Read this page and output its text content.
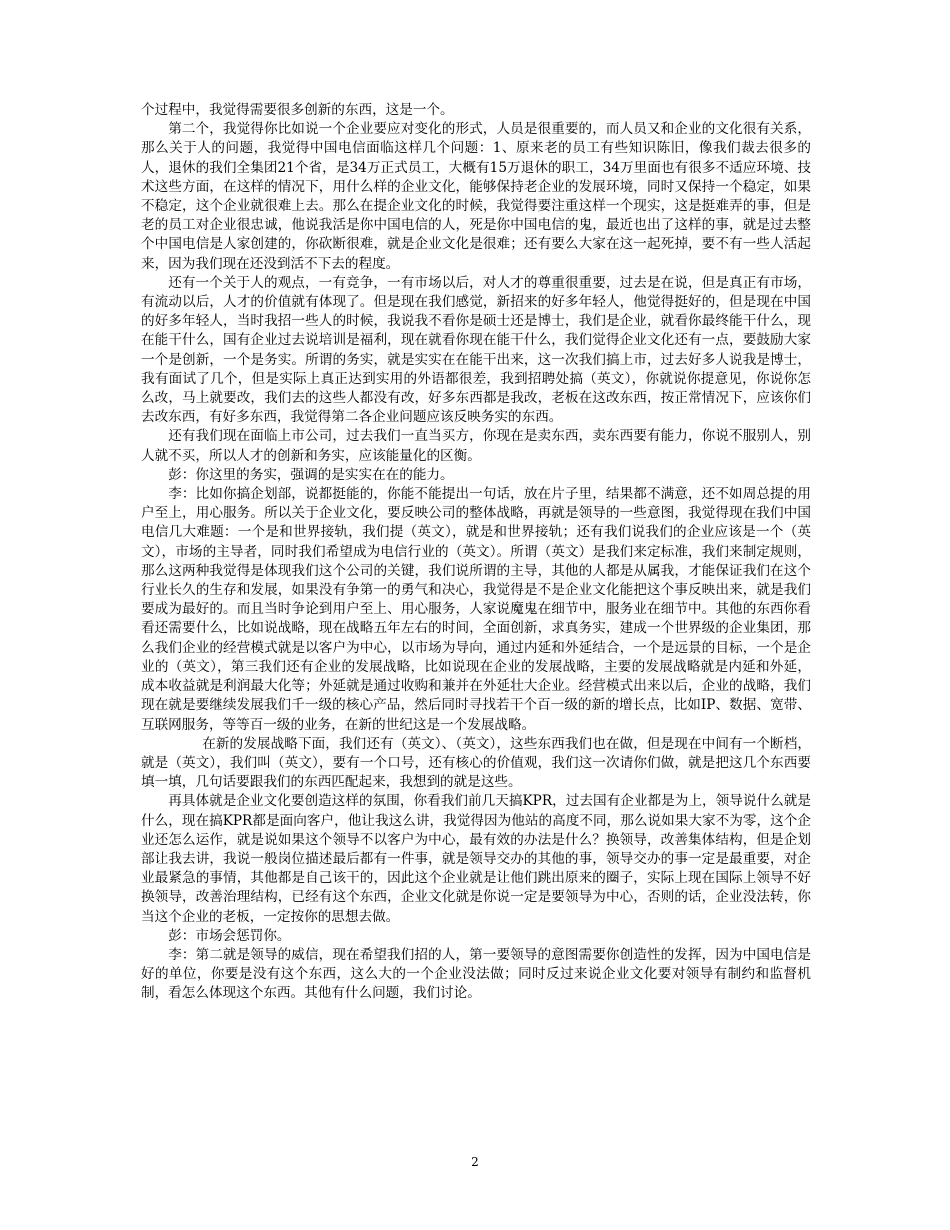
个过程中，我觉得需要很多创新的东西，这是一个。

第二个，我觉得你比如说一个企业要应对变化的形式，人员是很重要的，而人员又和企业的文化很有关系，那么关于人的问题，我觉得中国电信面临这样几个问题：1、原来老的员工有些知识陈旧，像我们裁去很多的人，退休的我们全集团21个省，是34万正式员工，大概有15万退休的职工，34万里面也有很多不适应环境、技术这些方面，在这样的情况下，用什么样的企业文化，能够保持老企业的发展环境，同时又保持一个稳定，如果不稳定，这个企业就很难上去。那么在提企业文化的时候，我觉得要注重这样一个现实，这是挺难弄的事，但是老的员工对企业很忠诚，他说我活是你中国电信的人，死是你中国电信的鬼，最近也出了这样的事，就是过去整个中国电信是人家创建的，你砍断很难，就是企业文化是很难；还有要么大家在这一起死掉，要不有一些人活起来，因为我们现在还没到活不下去的程度。

还有一个关于人的观点，一有竞争，一有市场以后，对人才的尊重很重要，过去是在说，但是真正有市场，有流动以后，人才的价值就有体现了。但是现在我们感觉，新招来的好多年轻人，他觉得挺好的，但是现在中国的好多年轻人，当时我招一些人的时候，我说我不看你是硕士还是博士，我们是企业，就看你最终能干什么，现在能干什么，国有企业过去说培训是福利，现在就看你现在能干什么，我们觉得企业文化还有一点，要鼓励大家一个是创新，一个是务实。所谓的务实，就是实实在在能干出来，这一次我们搞上市，过去好多人说我是博士，我有面试了几个，但是实际上真正达到实用的外语都很差，我到招聘处搞（英文），你就说你提意见，你说你怎么改，马上就要改，我们去的这些人都没有改，好多东西都是我改，老板在这改东西，按正常情况下，应该你们去改东西，有好多东西，我觉得第二各企业问题应该反映务实的东西。

还有我们现在面临上市公司，过去我们一直当买方，你现在是卖东西，卖东西要有能力，你说不服别人，别人就不买，所以人才的创新和务实，应该能量化的区衡。

彭：你这里的务实，强调的是实实在在的能力。

李：比如你搞企划部，说都挺能的，你能不能提出一句话，放在片子里，结果都不满意，还不如周总提的用户至上，用心服务。所以关于企业文化，要反映公司的整体战略，再就是领导的一些意图，我觉得现在我们中国电信几大难题：一个是和世界接轨，我们提（英文），就是和世界接轨；还有我们说我们的企业应该是一个（英文），市场的主导者，同时我们希望成为电信行业的（英文）。所谓（英文）是我们来定标准，我们来制定规则，那么这两种我觉得是体现我们这个公司的关键，我们说所谓的主导，其他的人都是从属我，才能保证我们在这个行业长久的生存和发展，如果没有争第一的勇气和决心，我觉得是不是企业文化能把这个事反映出来，就是我们要成为最好的。而且当时争论到用户至上、用心服务，人家说魔鬼在细节中，服务业在细节中。其他的东西你看看还需要什么，比如说战略，现在战略五年左右的时间，全面创新，求真务实，建成一个世界级的企业集团，那么我们企业的经营模式就是以客户为中心，以市场为导向，通过内延和外延结合，一个是远景的目标，一个是企业的（英文），第三我们还有企业的发展战略，比如说现在企业的发展战略，主要的发展战略就是内延和外延，成本收益就是利润最大化等；外延就是通过收购和兼并在外延壮大企业。经营模式出来以后，企业的战略，我们现在就是要继续发展我们千一级的核心产品，然后同时寻找若干个百一级的新的增长点，比如IP、数据、宽带、互联网服务，等等百一级的业务，在新的世纪这是一个发展战略。

在新的发展战略下面，我们还有（英文）、（英文），这些东西我们也在做，但是现在中间有一个断档，就是（英文），我们叫（英文），要有一个口号，还有核心的价值观，我们这一次请你们做，就是把这几个东西要填一填，几句话要跟我们的东西匹配起来，我想到的就是这些。

再具体就是企业文化要创造这样的氛围，你看我们前几天搞KPR，过去国有企业都是为上，领导说什么就是什么，现在搞KPR都是面向客户，他让我这么讲，我觉得因为他站的高度不同，那么说如果大家不为零，这个企业还怎么运作，就是说如果这个领导不以客户为中心，最有效的办法是什么？换领导，改善集体结构，但是企划部让我去讲，我说一般岗位描述最后都有一件事，就是领导交办的其他的事，领导交办的事一定是最重要，对企业最紧急的事情，其他都是自己该干的，因此这个企业就是让他们跳出原来的圈子，实际上现在国际上领导不好换领导，改善治理结构，已经有这个东西，企业文化就是你说一定是要领导为中心，否则的话，企业没法转，你当这个企业的老板，一定按你的思想去做。

彭：市场会惩罚你。

李：第二就是领导的威信，现在希望我们招的人，第一要领导的意图需要你创造性的发挥，因为中国电信是好的单位，你要是没有这个东西，这么大的一个企业没法做；同时反过来说企业文化要对领导有制约和监督机制，看怎么体现这个东西。其他有什么问题，我们讨论。

2
